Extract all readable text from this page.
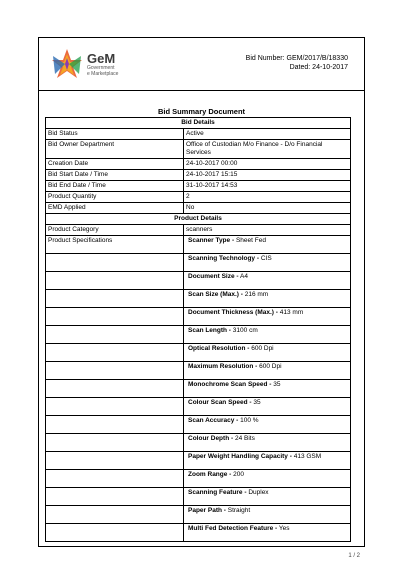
GeM
Government
e Marketplace
Bid Number: GEM/2017/B/18330
Dated: 24-10-2017
Bid Summary Document
Bid Details	
Bid Status	Active
Bid Owner Department	Office of Custodian M/o Finance - D/o Financial Services
Creation Date	24-10-2017 00:00
Bid Start Date / Time	24-10-2017 15:15
Bid End Date / Time	31-10-2017 14:53
Product Quantity	2
EMD Applied	No
Product Details	
Product Category	scanners
Product Specifications	Scanner Type - Sheet Fed
	Scanning Technology - CIS
	Document Size - A4
	Scan Size (Max.) - 216 mm
	Document Thickness (Max.) - 413 mm
	Scan Length - 3100 cm
	Optical Resolution - 600 Dpi
	Maximum Resolution - 600 Dpi
	Monochrome Scan Speed - 35
	Colour Scan Speed - 35
	Scan Accuracy - 100 %
	Colour Depth - 24 Bits
	Paper Weight Handling Capacity - 413 GSM
	Zoom Range - 200
	Scanning Feature - Duplex
	Paper Path - Straight
	Multi Fed Detection Feature - Yes
1 / 2
